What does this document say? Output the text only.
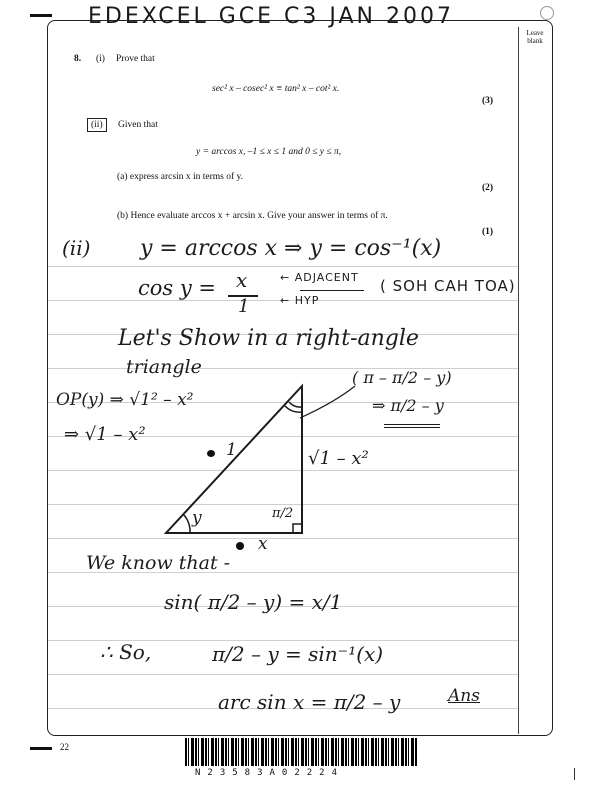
EDEXCEL GCE C3 JAN 2007
Leave blank
8. (i) Prove that
sec² x – cosec² x ≡ tan² x – cot² x.
(3)
(ii)	Given that
y = arccos x, –1 ≤ x ≤ 1 and 0 ≤ y ≤ π,
(a) express arcsin x in terms of y.
(2)
(b) Hence evaluate arccos x + arcsin x. Give your answer in terms of π.
(1)
(ii) y = arccos x ⇒ y = cos⁻¹(x)
cos y = x
1
← ADJACENT
← HYP
( SOH CAH TOA)
Let's Show in a right-angle
triangle
OP(y) ⇒ √1² – x²
⇒ √1 – x²
( π – π/2 – y)
⇒ π/2 – y
1
y	π/2
√1 – x²
x
We know that -
sin( π/2 – y) = x/1
∴ So,	π/2 – y = sin⁻¹(x)
arc sin x = π/2 – y	Ans
22
N23583A02224
